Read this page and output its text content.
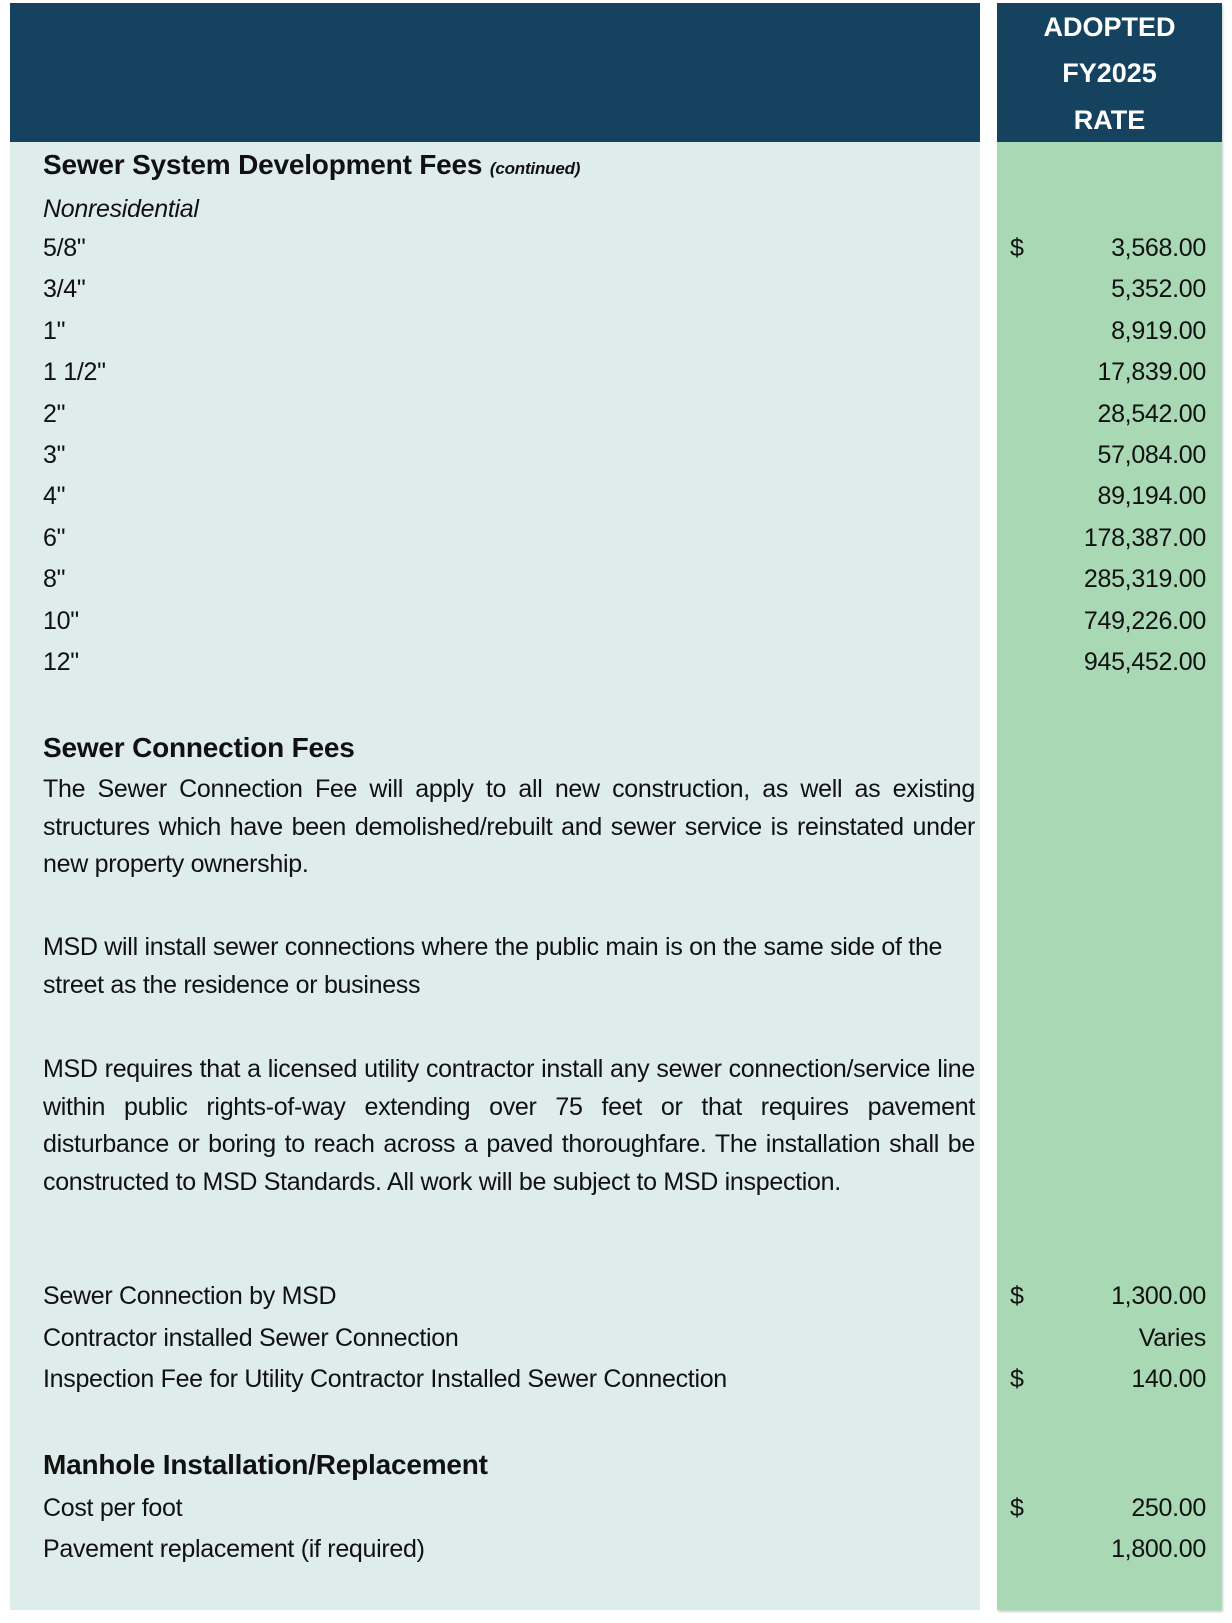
ADOPTED
FY2025
RATE
Sewer System Development Fees (continued)
Nonresidential
5/8"	$	3,568.00
3/4"	5,352.00
1"	8,919.00
1 1/2"	17,839.00
2"	28,542.00
3"	57,084.00
4"	89,194.00
6"	178,387.00
8"	285,319.00
10"	749,226.00
12"	945,452.00
Sewer Connection Fees
The Sewer Connection Fee will apply to all new construction, as well as existing structures which have been demolished/rebuilt and sewer service is reinstated under new property ownership.
MSD will install sewer connections where the public main is on the same side of the street as the residence or business
MSD requires that a licensed utility contractor install any sewer connection/service line within public rights-of-way extending over 75 feet or that requires pavement disturbance or boring to reach across a paved thoroughfare. The installation shall be constructed to MSD Standards. All work will be subject to MSD inspection.
Sewer Connection by MSD	$	1,300.00
Contractor installed Sewer Connection	Varies
Inspection Fee for Utility Contractor Installed Sewer Connection	$	140.00
Manhole Installation/Replacement
Cost per foot	$	250.00
Pavement replacement (if required)	1,800.00
